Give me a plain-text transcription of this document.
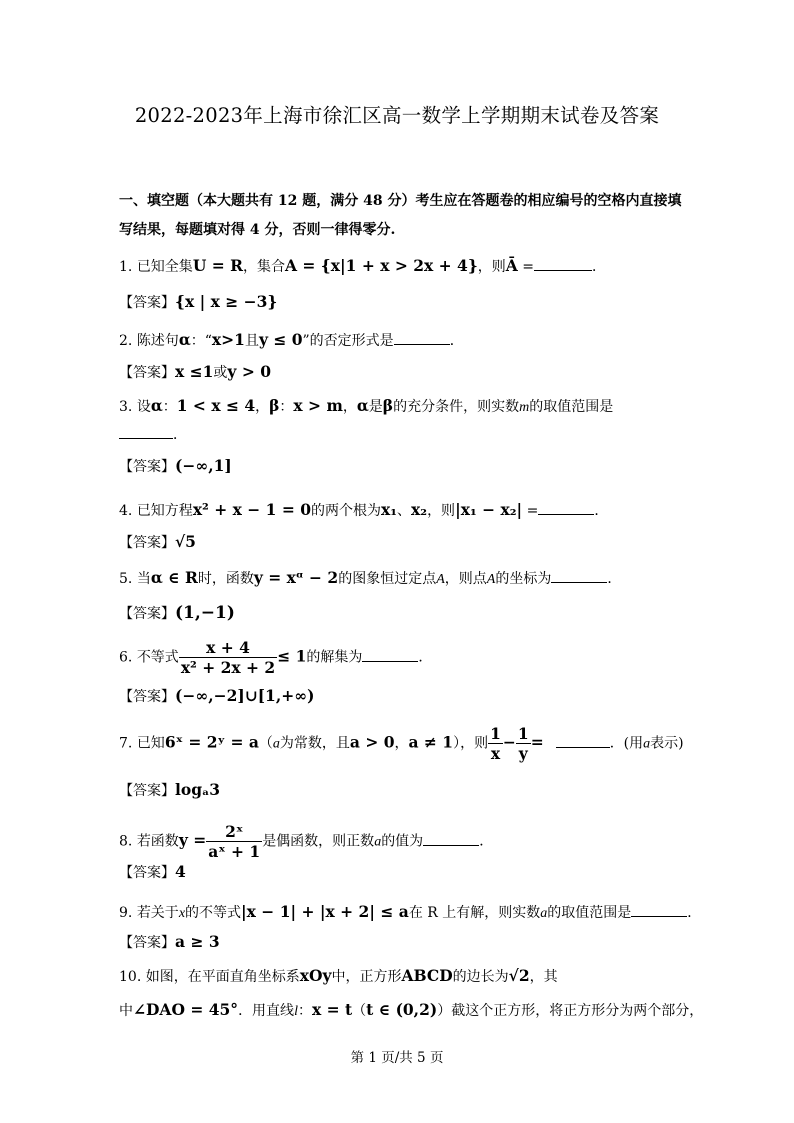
2022-2023年上海市徐汇区高一数学上学期期末试卷及答案
一、填空题（本大题共有 12 题，满分 48 分）考生应在答题卷的相应编号的空格内直接填
写结果，每题填对得 4 分，否则一律得零分.
1. 已知全集U = R，集合A = {x|1 + x > 2x + 4}，则Ā =	．
【答案】{x | x ≥ −3}
2. 陈述句α：“x>1且y ≤ 0”的否定形式是	．
【答案】x ≤1或y > 0
3. 设α：1 < x ≤ 4，β：x > m，α是β的充分条件，则实数m的取值范围是
．
【答案】(−∞,1]
4. 已知方程x² + x − 1 = 0的两个根为x₁、x₂，则|x₁ − x₂| =	．
【答案】√5
5. 当α ∈ R时，函数y = xᵅ − 2的图象恒过定点A，则点A的坐标为	．
【答案】(1,−1)
6. 不等式 $\frac{x + 4}{\text{x² + 2x + 2}} \le 1$的解集为	．
【答案】(−∞,−2]∪[1,+∞)
7. 已知6ˣ = 2ʸ = a（a为常数，且a > 0，a ≠ 1），则 $\frac{1}{x} - \frac{1}{y}$ =	．(用a表示)
【答案】logₐ3
8. 若函数$y = \frac{\text{2ˣ}}{\text{aˣ + 1}}$ 是偶函数，则正数a的值为	．
【答案】4
9. 若关于x的不等式|x − 1| + |x + 2| ≤ a在 R 上有解，则实数a的取值范围是	．
【答案】a ≥ 3
10. 如图，在平面直角坐标系xOy中，正方形ABCD的边长为√2，其
中∠DAO = 45°．用直线l：x = t（t ∈ (0,2)）截这个正方形，将正方形分为两个部分，
第 1 页/共 5 页
